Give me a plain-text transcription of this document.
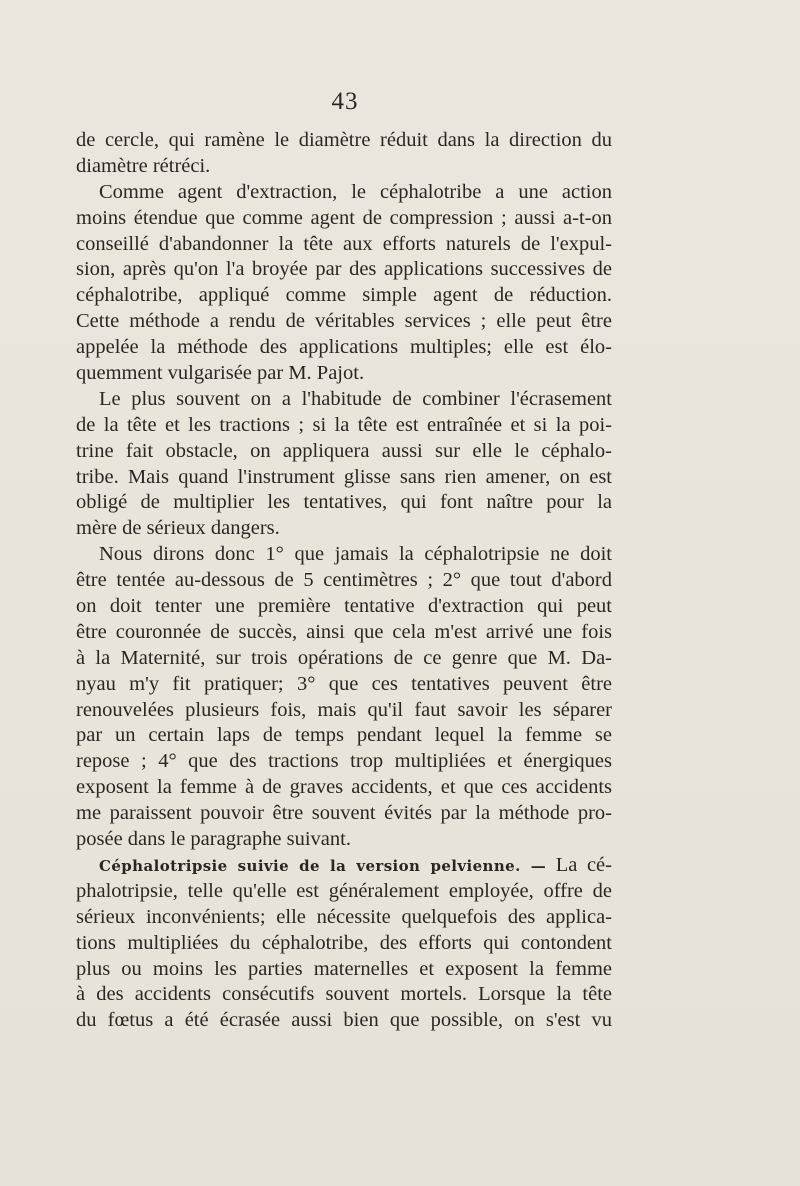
43
de cercle, qui ramène le diamètre réduit dans la direction du
diamètre rétréci.
Comme agent d'extraction, le céphalotribe a une action
moins étendue que comme agent de compression ; aussi a-t-on
conseillé d'abandonner la tête aux efforts naturels de l'expul-
sion, après qu'on l'a broyée par des applications successives de
céphalotribe, appliqué comme simple agent de réduction.
Cette méthode a rendu de véritables services ; elle peut être
appelée la méthode des applications multiples; elle est élo-
quemment vulgarisée par M. Pajot.
Le plus souvent on a l'habitude de combiner l'écrasement
de la tête et les tractions ; si la tête est entraînée et si la poi-
trine fait obstacle, on appliquera aussi sur elle le céphalo-
tribe. Mais quand l'instrument glisse sans rien amener, on est
obligé de multiplier les tentatives, qui font naître pour la
mère de sérieux dangers.
Nous dirons donc 1° que jamais la céphalotripsie ne doit
être tentée au-dessous de 5 centimètres ; 2° que tout d'abord
on doit tenter une première tentative d'extraction qui peut
être couronnée de succès, ainsi que cela m'est arrivé une fois
à la Maternité, sur trois opérations de ce genre que M. Da-
nyau m'y fit pratiquer; 3° que ces tentatives peuvent être
renouvelées plusieurs fois, mais qu'il faut savoir les séparer
par un certain laps de temps pendant lequel la femme se
repose ; 4° que des tractions trop multipliées et énergiques
exposent la femme à de graves accidents, et que ces accidents
me paraissent pouvoir être souvent évités par la méthode pro-
posée dans le paragraphe suivant.
Céphalotripsie suivie de la version pelvienne. — La cé-
phalotripsie, telle qu'elle est généralement employée, offre de
sérieux inconvénients; elle nécessite quelquefois des applica-
tions multipliées du céphalotribe, des efforts qui contondent
plus ou moins les parties maternelles et exposent la femme
à des accidents consécutifs souvent mortels. Lorsque la tête
du fœtus a été écrasée aussi bien que possible, on s'est vu
